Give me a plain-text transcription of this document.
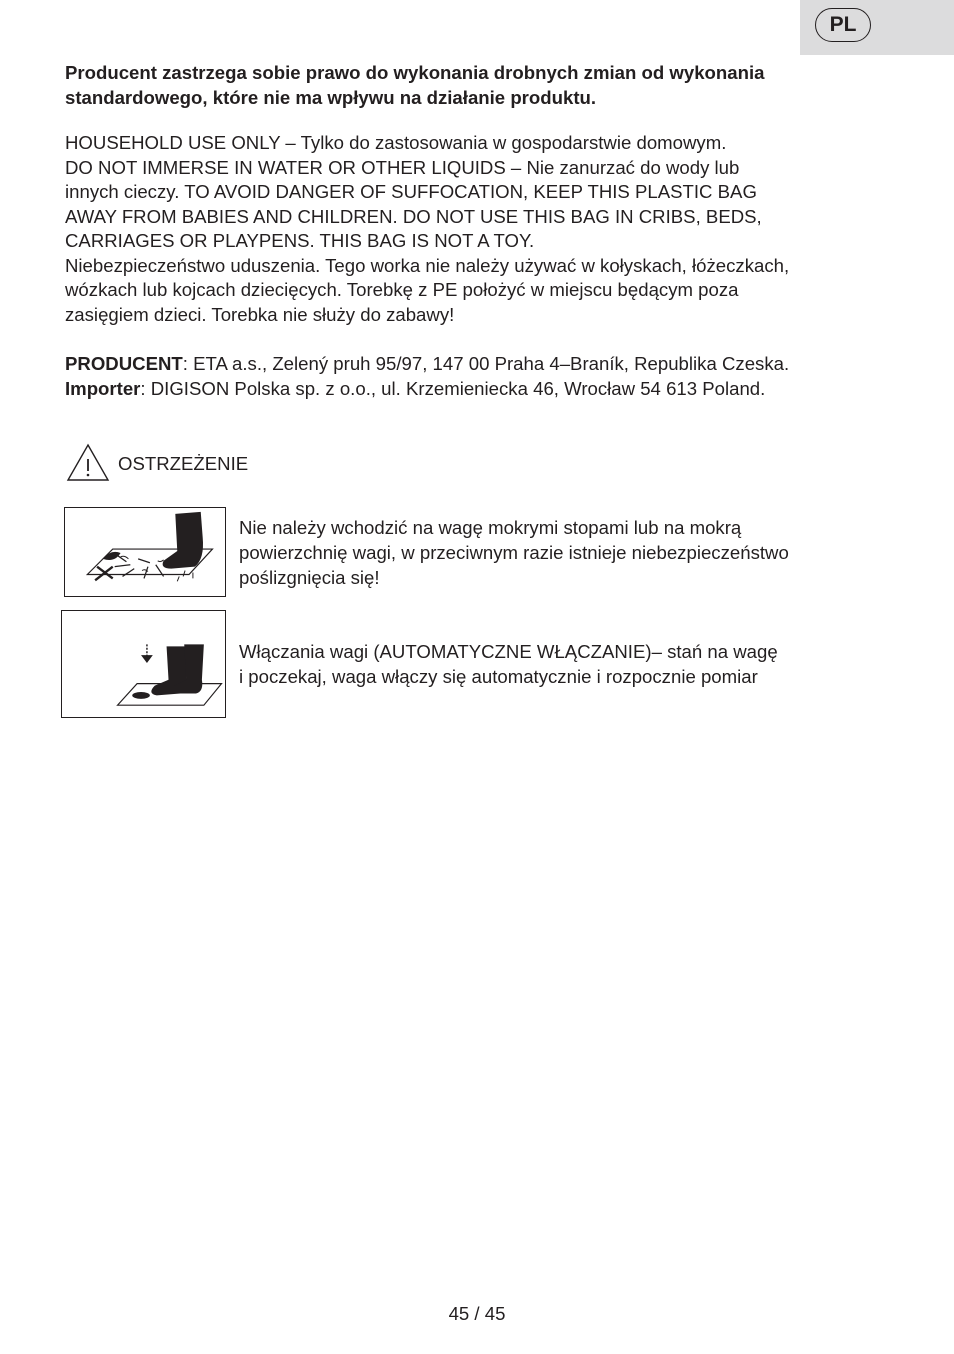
PL
Producent zastrzega sobie prawo do wykonania drobnych zmian od wykonania
standardowego, które nie ma wpływu na działanie produktu.
HOUSEHOLD USE ONLY – Tylko do zastosowania w gospodarstwie domowym.
DO NOT IMMERSE IN WATER OR OTHER LIQUIDS – Nie zanurzać do wody lub
innych cieczy. TO AVOID DANGER OF SUFFOCATION, KEEP THIS PLASTIC BAG
AWAY FROM BABIES AND CHILDREN. DO NOT USE THIS BAG IN CRIBS, BEDS,
CARRIAGES OR PLAYPENS. THIS BAG IS NOT A TOY.
Niebezpieczeństwo uduszenia. Tego worka nie należy używać w kołyskach, łóżeczkach,
wózkach lub kojcach dziecięcych. Torebkę z PE położyć w miejscu będącym poza
zasięgiem dzieci. Torebka nie służy do zabawy!
PRODUCENT: ETA a.s., Zelený pruh 95/97, 147 00 Praha 4–Braník, Republika Czeska.
Importer: DIGISON Polska sp. z o.o., ul. Krzemieniecka 46, Wrocław 54 613 Poland.
OSTRZEŻENIE
Nie należy wchodzić na wagę mokrymi stopami lub na mokrą
powierzchnię wagi, w przeciwnym razie istnieje niebezpieczeństwo
poślizgnięcia się!
Włączania wagi (AUTOMATYCZNE WŁĄCZANIE)– stań na wagę
i poczekaj, waga włączy się automatycznie i rozpocznie pomiar
45 / 45
